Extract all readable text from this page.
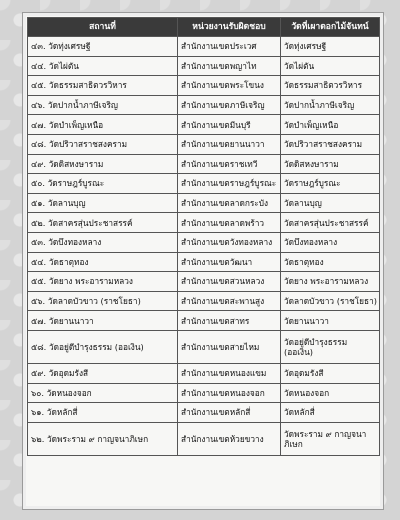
สถานที่	หน่วยงานรับผิดชอบ	วัดที่เผาดอกไม้จันทน์
๔๓. วัดทุ่งเศรษฐี	สำนักงานเขตประเวศ	วัดทุ่งเศรษฐี
๔๔. วัดไผ่ตัน	สำนักงานเขตพญาไท	วัดไผ่ตัน
๔๕. วัดธรรมสาธิตวรวิหาร	สำนักงานเขตพระโขนง	วัดธรรมสาธิตวรวิหาร
๔๖. วัดปากน้ำภาษีเจริญ	สำนักงานเขตภาษีเจริญ	วัดปากน้ำภาษีเจริญ
๔๗. วัดบำเพ็ญเหนือ	สำนักงานเขตมีนบุรี	วัดบำเพ็ญเหนือ
๔๘. วัดปริวาสราชสงคราม	สำนักงานเขตยานนาวา	วัดปริวาสราชสงคราม
๔๙. วัดดิสหงษาราม	สำนักงานเขตราชเทวี	วัดดิสหงษาราม
๕๐. วัดราษฎร์บูรณะ	สำนักงานเขตราษฎร์บูรณะ	วัดราษฎร์บูรณะ
๕๑. วัดลานบุญ	สำนักงานเขตลาดกระบัง	วัดลานบุญ
๕๒. วัดสาครสุ่นประชาสรรค์	สำนักงานเขตลาดพร้าว	วัดสาครสุ่นประชาสรรค์
๕๓. วัดบึงทองหลาง	สำนักงานเขตวังทองหลาง	วัดบึงทองหลาง
๕๔. วัดธาตุทอง	สำนักงานเขตวัฒนา	วัดธาตุทอง
๕๕. วัดยาง พระอารามหลวง	สำนักงานเขตสวนหลวง	วัดยาง พระอารามหลวง
๕๖. วัดลาดบัวขาว (ราชโยธา)	สำนักงานเขตสะพานสูง	วัดลาดบัวขาว (ราชโยธา)
๕๗. วัดยานนาวา	สำนักงานเขตสาทร	วัดยานนาวา
๕๘. วัดอยู่ดีบำรุงธรรม (ออเงิน)	สำนักงานเขตสายไหม	วัดอยู่ดีบำรุงธรรม (ออเงิน)
๕๙. วัดอุดมรังสี	สำนักงานเขตหนองแขม	วัดอุดมรังสี
๖๐. วัดหนองจอก	สำนักงานเขตหนองจอก	วัดหนองจอก
๖๑. วัดหลักสี่	สำนักงานเขตหลักสี่	วัดหลักสี่
๖๒. วัดพระราม ๙ กาญจนาภิเษก	สำนักงานเขตห้วยขวาง	วัดพระราม ๙ กาญจนาภิเษก
